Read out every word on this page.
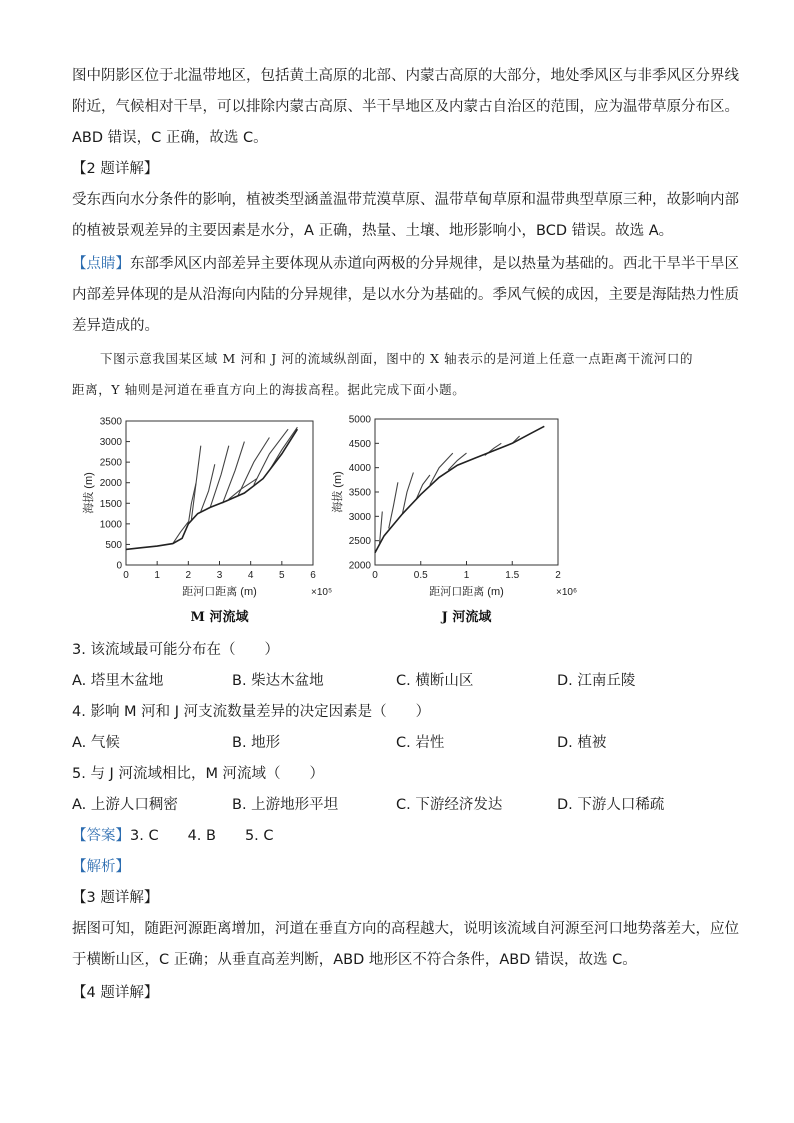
图中阴影区位于北温带地区，包括黄土高原的北部、内蒙古高原的大部分，地处季风区与非季风区分界线
附近，气候相对干旱，可以排除内蒙古高原、半干旱地区及内蒙古自治区的范围，应为温带草原分布区。
ABD 错误，C 正确，故选 C。
【2 题详解】
受东西向水分条件的影响，植被类型涵盖温带荒漠草原、温带草甸草原和温带典型草原三种，故影响内部
的植被景观差异的主要因素是水分，A 正确，热量、土壤、地形影响小，BCD 错误。故选 A。
【点睛】东部季风区内部差异主要体现从赤道向两极的分异规律，是以热量为基础的。西北干旱半干旱区
内部差异体现的是从沿海向内陆的分异规律，是以水分为基础的。季风气候的成因，主要是海陆热力性质
差异造成的。
下图示意我国某区域 M 河和 J 河的流域纵剖面，图中的 X 轴表示的是河道上任意一点距离干流河口的
距离，Y 轴则是河道在垂直方向上的海拔高程。据此完成下面小题。
0	1	2	3	4	5	6
0
500
1000
1500
2000
2500
3000
3500
距河口距离 (m)	×10⁵
海拔 (m)
M 河流域
0	0.5	1	1.5	2
2000
2500
3000
3500
4000
4500
5000
距河口距离 (m)	×10⁶
海拔 (m)
J 河流域
3. 该流域最可能分布在（　　）
A. 塔里木盆地	B. 柴达木盆地	C. 横断山区	D. 江南丘陵
4. 影响 M 河和 J 河支流数量差异的决定因素是（　　）
A. 气候	B. 地形	C. 岩性	D. 植被
5. 与 J 河流域相比，M 河流域（　　）
A. 上游人口稠密	B. 上游地形平坦	C. 下游经济发达	D. 下游人口稀疏
【答案】3. C　　4. B　　5. C
【解析】
【3 题详解】
据图可知，随距河源距离增加，河道在垂直方向的高程越大，说明该流域自河源至河口地势落差大，应位
于横断山区，C 正确；从垂直高差判断，ABD 地形区不符合条件，ABD 错误，故选 C。
【4 题详解】
